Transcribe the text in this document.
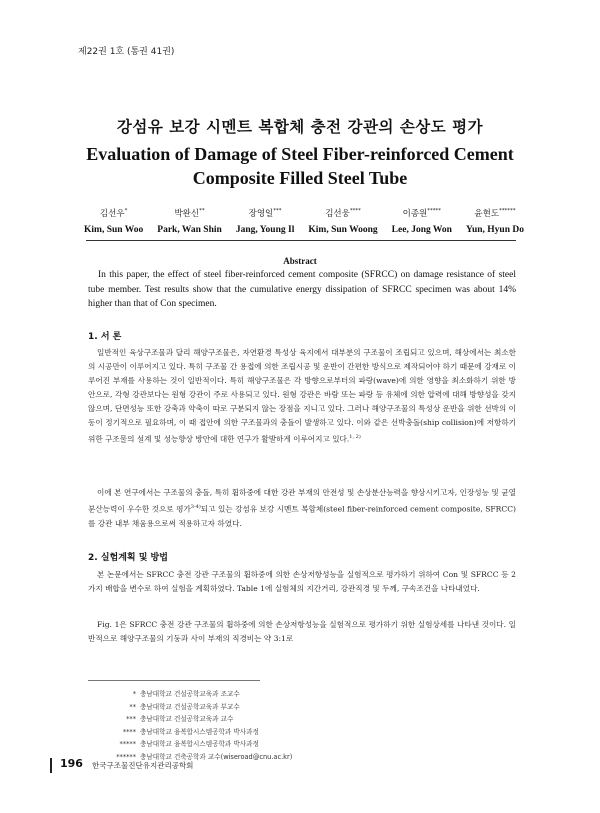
제22권 1호 (통권 41권)
강섬유 보강 시멘트 복합체 충전 강관의 손상도 평가
Evaluation of Damage of Steel Fiber-reinforced Cement
Composite Filled Steel Tube
김선우*
Kim, Sun Woo
박완신**
Park, Wan Shin
장영일***
Jang, Young Il
김선웅****
Kim, Sun Woong
이종원*****
Lee, Jong Won
윤현도******
Yun, Hyun Do
Abstract
In this paper, the effect of steel fiber-reinforced cement composite (SFRCC) on damage resistance of steel tube member. Test results show that the cumulative energy dissipation of SFRCC specimen was about 14% higher than that of Con specimen.
1. 서 론
일반적인 육상구조물과 달리 해양구조물은, 자연환경 특성상 육지에서 대부분의 구조물이 조립되고 있으며, 해상에서는 최소한의 시공만이 이루어지고 있다. 특히 구조물 간 용접에 의한 조립시공 및 운반이 간편한 방식으로 제작되어야 하기 때문에 강재로 이루어진 부재를 사용하는 것이 일반적이다. 특히 해양구조물은 각 방향으로부터의 파랑(wave)에 의한 영향을 최소화하기 위한 방안으로, 각형 강관보다는 원형 강관이 주로 사용되고 있다. 원형 강관은 바람 또는 파랑 등 유체에 의한 압력에 대해 방향성을 갖지 않으며, 단면성능 또한 강축과 약축이 따로 구분되지 않는 장점을 지니고 있다. 그러나 해양구조물의 특성상 운반을 위한 선박의 이동이 정기적으로 필요하며, 이 때 접안에 의한 구조물과의 충돌이 발생하고 있다. 이와 같은 선박충돌(ship collision)에 저항하기 위한 구조물의 설계 및 성능향상 방안에 대한 연구가 활발하게 이루어지고 있다.$^{1, 2)}$
이에 본 연구에서는 구조물의 충돌, 특히 휨하중에 대한 강관 부재의 안전성 및 손상분산능력을 향상시키고자, 인장성능 및 균열분산능력이 우수한 것으로 평가$^{3-4)}$되고 있는 강섬유 보강 시멘트 복합체(steel fiber-reinforced cement composite, SFRCC)를 강관 내부 채움용으로써 적용하고자 하였다.
2. 실험계획 및 방법
본 논문에서는 SFRCC 충전 강관 구조물의 휨하중에 의한 손상저항성능을 실험적으로 평가하기 위하여 Con 및 SFRCC 등 2가지 배합을 변수로 하여 실험을 계획하였다. Table 1에 실험체의 지간거리, 강관직경 및 두께, 구속조건을 나타내었다.
Fig. 1은 SFRCC 충전 강관 구조물의 휨하중에 의한 손상저항성능을 실험적으로 평가하기 위한 실험상세를 나타낸 것이다. 일반적으로 해양구조물의 기둥과 사이 부재의 직경비는 약 3:1로
* 충남대학교 건설공학교육과 조교수
** 충남대학교 건설공학교육과 부교수
*** 충남대학교 건설공학교육과 교수
**** 충남대학교 융복합시스템공학과 박사과정
***** 충남대학교 융복합시스템공학과 박사과정
****** 충남대학교 건축공학과 교수(wiseroad@cnu.ac.kr)
196 한국구조물진단유지관리공학회
